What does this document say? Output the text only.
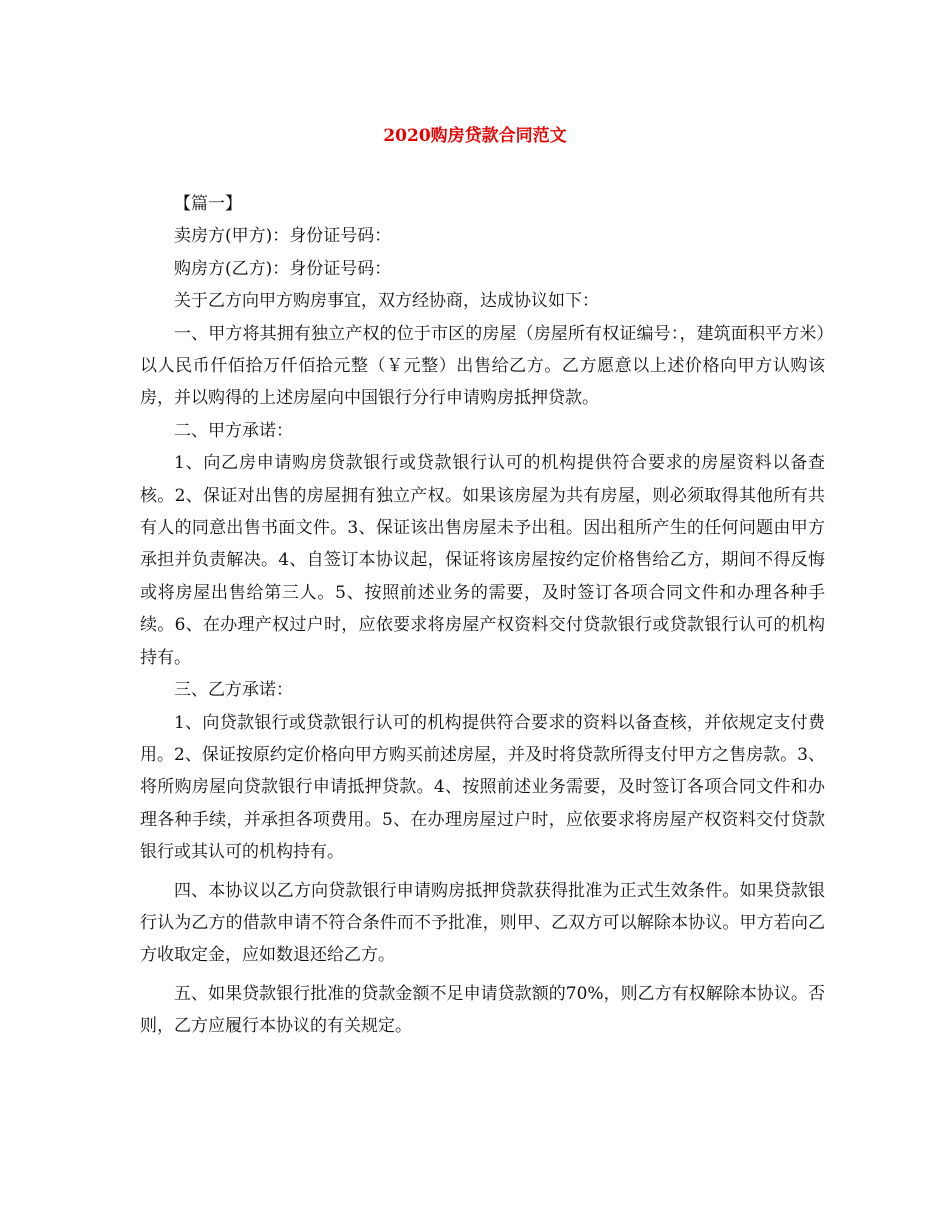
2020购房贷款合同范文

【篇一】

卖房方(甲方)：身份证号码：

购房方(乙方)：身份证号码：

关于乙方向甲方购房事宜，双方经协商，达成协议如下：

一、甲方将其拥有独立产权的位于市区的房屋（房屋所有权证编号：，建筑面积平方米）以人民币仟佰拾万仟佰拾元整（￥元整）出售给乙方。乙方愿意以上述价格向甲方认购该房，并以购得的上述房屋向中国银行分行申请购房抵押贷款。

二、甲方承诺：

1、向乙房申请购房贷款银行或贷款银行认可的机构提供符合要求的房屋资料以备查核。2、保证对出售的房屋拥有独立产权。如果该房屋为共有房屋，则必须取得其他所有共有人的同意出售书面文件。3、保证该出售房屋未予出租。因出租所产生的任何问题由甲方承担并负责解决。4、自签订本协议起，保证将该房屋按约定价格售给乙方，期间不得反悔或将房屋出售给第三人。5、按照前述业务的需要，及时签订各项合同文件和办理各种手续。6、在办理产权过户时，应依要求将房屋产权资料交付贷款银行或贷款银行认可的机构持有。

三、乙方承诺：

1、向贷款银行或贷款银行认可的机构提供符合要求的资料以备查核，并依规定支付费用。2、保证按原约定价格向甲方购买前述房屋，并及时将贷款所得支付甲方之售房款。3、将所购房屋向贷款银行申请抵押贷款。4、按照前述业务需要，及时签订各项合同文件和办理各种手续，并承担各项费用。5、在办理房屋过户时，应依要求将房屋产权资料交付贷款银行或其认可的机构持有。

四、本协议以乙方向贷款银行申请购房抵押贷款获得批准为正式生效条件。如果贷款银行认为乙方的借款申请不符合条件而不予批准，则甲、乙双方可以解除本协议。甲方若向乙方收取定金，应如数退还给乙方。

五、如果贷款银行批准的贷款金额不足申请贷款额的70%，则乙方有权解除本协议。否则，乙方应履行本协议的有关规定。
